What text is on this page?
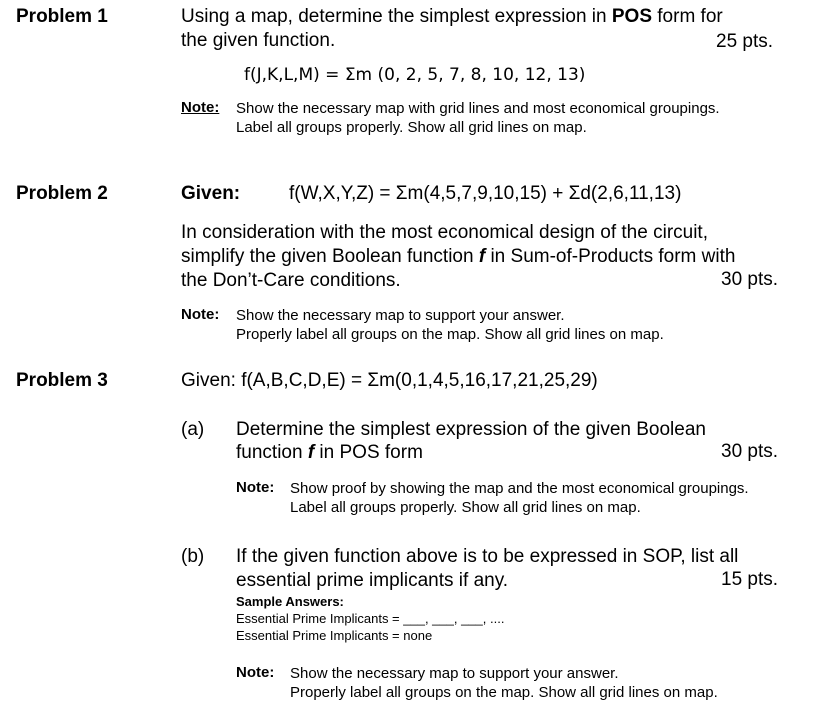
Problem 1	Using a map, determine the simplest expression in POS form for
the given function.	25 pts.
f(J,K,L,M) = Σm (0, 2, 5, 7, 8, 10, 12, 13)
Note: Show the necessary map with grid lines and most economical groupings.
Label all groups properly. Show all grid lines on map.
Problem 2	Given:	f(W,X,Y,Z) = Σm(4,5,7,9,10,15) + Σd(2,6,11,13)
In consideration with the most economical design of the circuit,
simplify the given Boolean function f in Sum-of-Products form with
the Don’t-Care conditions.	30 pts.
Note: Show the necessary map to support your answer.
Properly label all groups on the map. Show all grid lines on map.
Problem 3	Given: f(A,B,C,D,E) = Σm(0,1,4,5,16,17,21,25,29)
(a) Determine the simplest expression of the given Boolean
function f in POS form	30 pts.
Note: Show proof by showing the map and the most economical groupings.
Label all groups properly. Show all grid lines on map.
(b) If the given function above is to be expressed in SOP, list all
essential prime implicants if any.	15 pts.
Sample Answers:
Essential Prime Implicants = ___, ___, ___, ....
Essential Prime Implicants = none
Note: Show the necessary map to support your answer.
Properly label all groups on the map. Show all grid lines on map.
